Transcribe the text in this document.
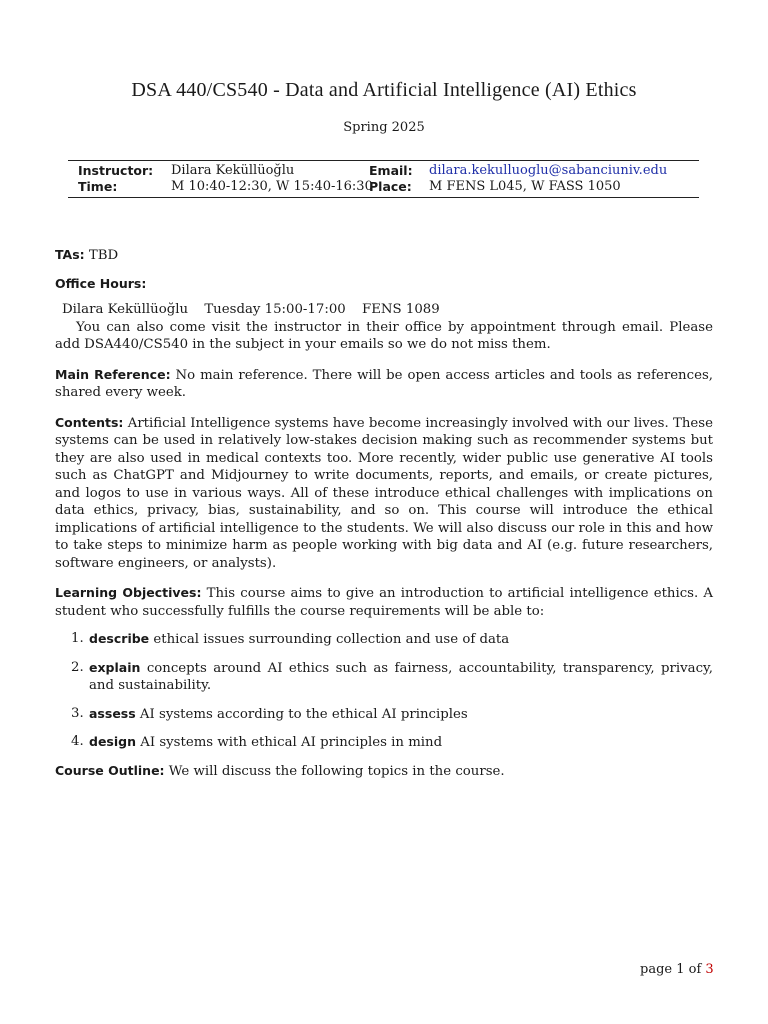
DSA 440/CS540 - Data and Artificial Intelligence (AI) Ethics
Spring 2025
Instructor: Dilara Keküllüoğlu	Email: dilara.kekulluoglu@sabanciuniv.edu
Time:	M 10:40-12:30, W 15:40-16:30
Place: M FENS L045, W FASS 1050

TAs: TBD

Office Hours:

Dilara Keküllüoğlu Tuesday 15:00-17:00 FENS 1089

You can also come visit the instructor in their office by appointment through email. Please add DSA440/CS540 in the subject in your emails so we do not miss them.

Main Reference: No main reference. There will be open access articles and tools as references, shared every week.

Contents: Artificial Intelligence systems have become increasingly involved with our lives. These systems can be used in relatively low-stakes decision making such as recommender systems but they are also used in medical contexts too. More recently, wider public use generative AI tools such as ChatGPT and Midjourney to write documents, reports, and emails, or create pictures, and logos to use in various ways. All of these introduce ethical challenges with implications on data ethics, privacy, bias, sustainability, and so on. This course will introduce the ethical implications of artificial intelligence to the students. We will also discuss our role in this and how to take steps to minimize harm as people working with big data and AI (e.g. future researchers, software engineers, or analysts).

Learning Objectives: This course aims to give an introduction to artificial intelligence ethics. A student who successfully fulfills the course requirements will be able to:

1. describe ethical issues surrounding collection and use of data
2. explain concepts around AI ethics such as fairness, accountability, transparency, privacy, and sustainability.
3. assess AI systems according to the ethical AI principles
4. design AI systems with ethical AI principles in mind

Course Outline: We will discuss the following topics in the course.

page 1 of 3
